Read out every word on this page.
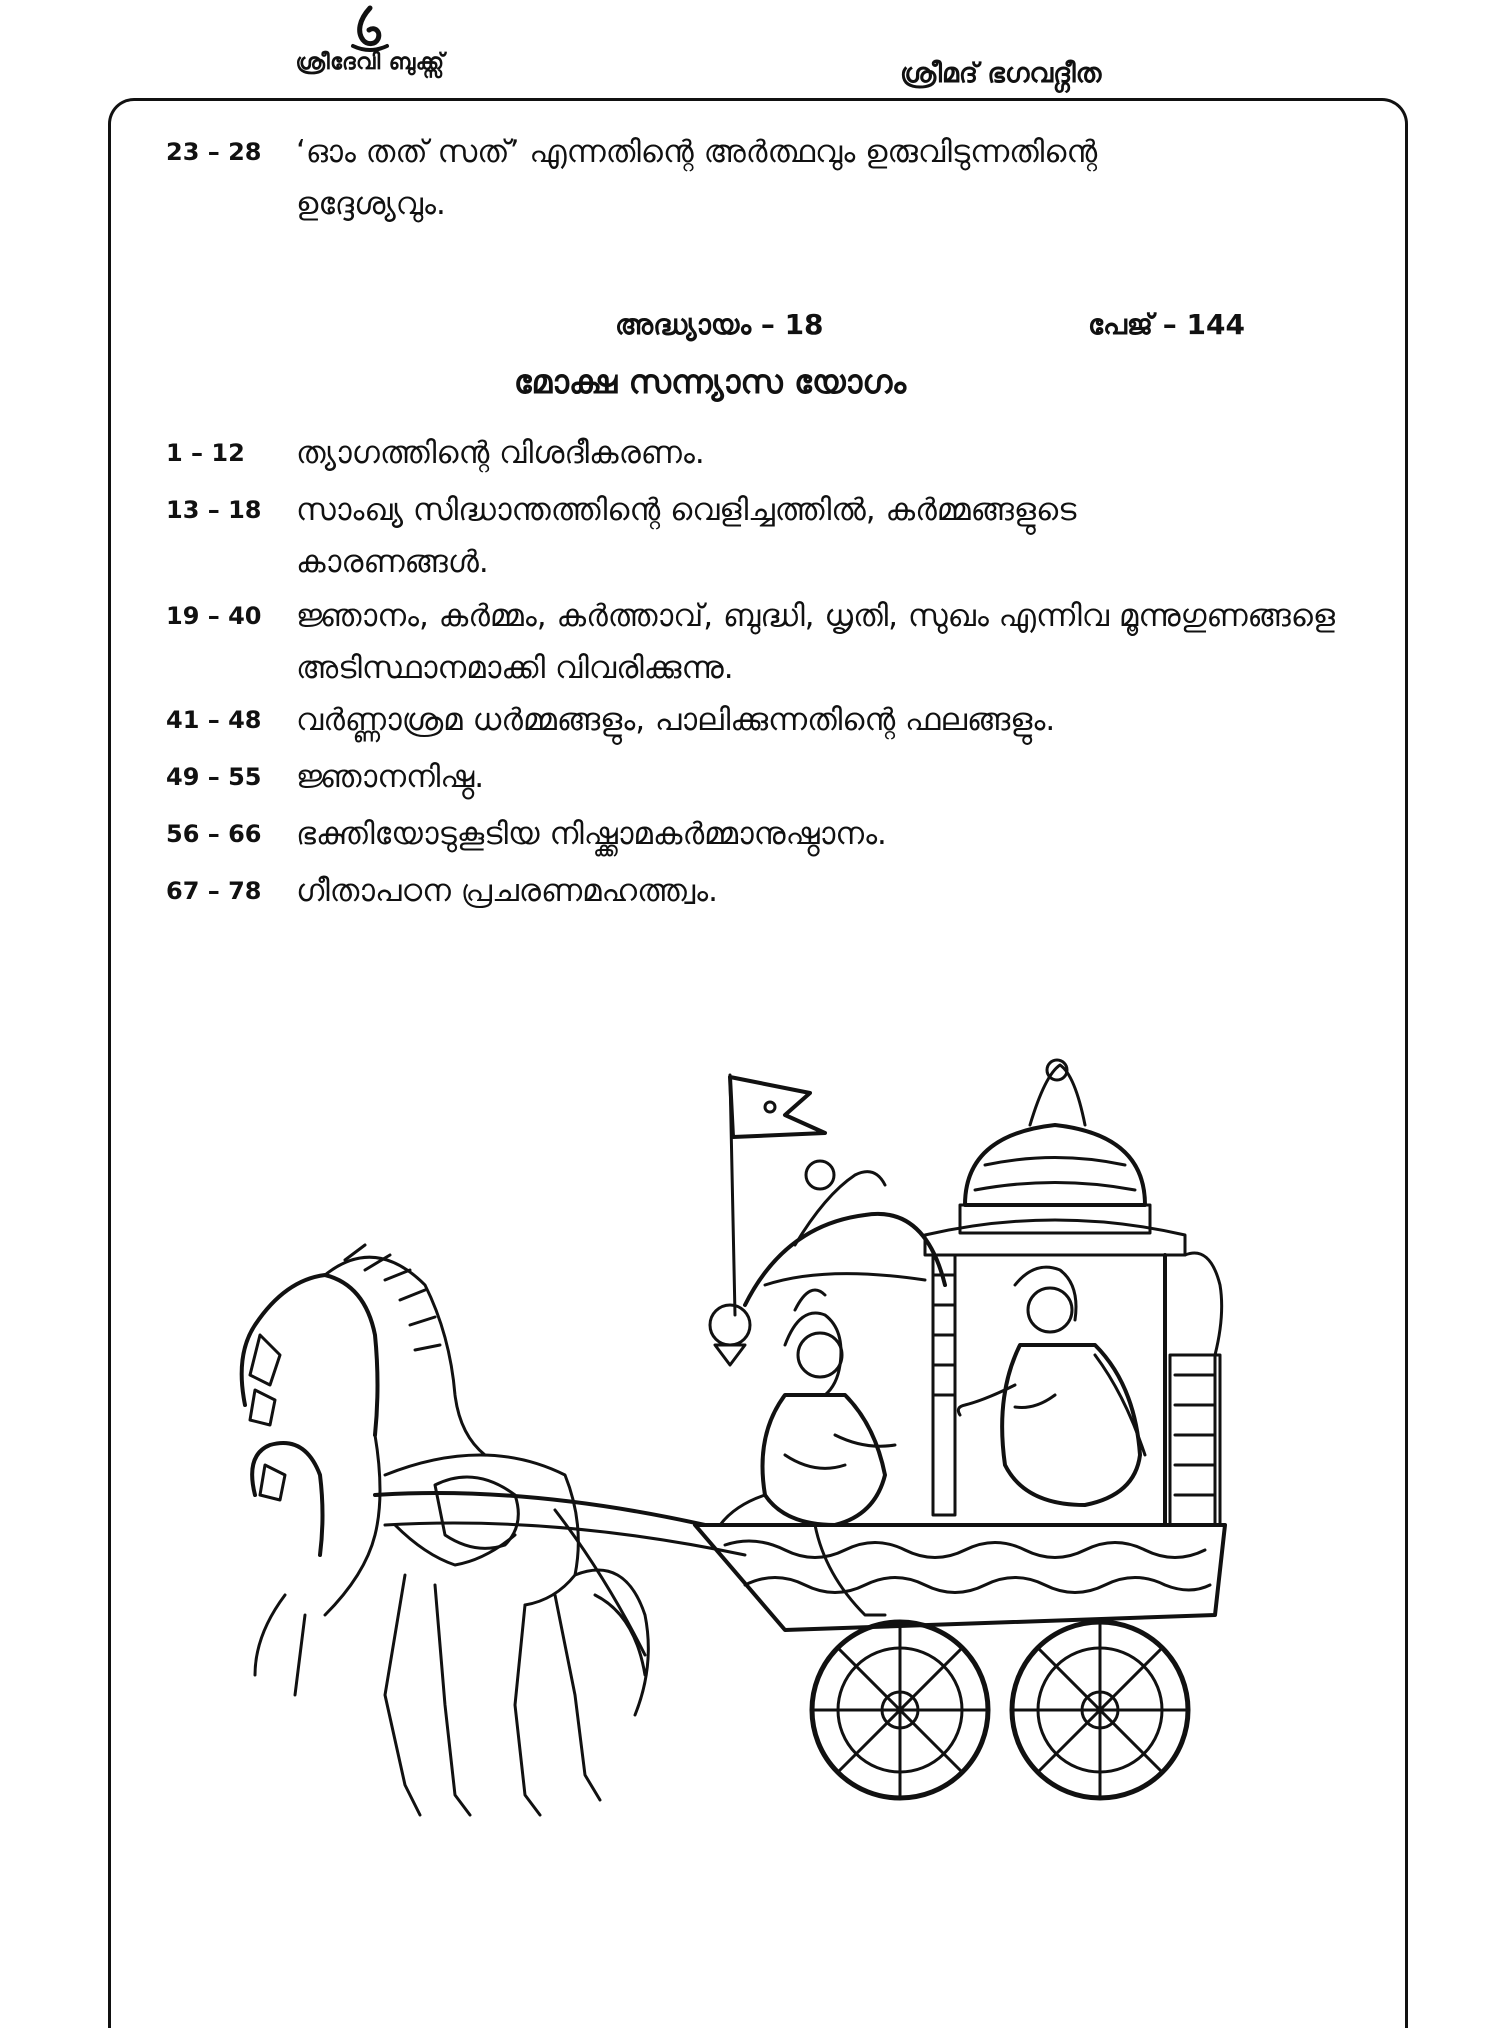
ശ്രീദേവി ബുക്ക്സ്	ശ്രീമദ് ഭഗവദ്ഗീത
23 – 28	‘ഓം തത് സത്’ എന്നതിന്റെ അർത്ഥവും ഉരുവിടുന്നതിന്റെ ഉദ്ദേശ്യവും.
അദ്ധ്യായം – 18	പേജ് – 144
മോക്ഷ സന്ന്യാസ യോഗം
1 – 12	ത്യാഗത്തിന്റെ വിശദീകരണം.
13 – 18	സാംഖ്യ സിദ്ധാന്തത്തിന്റെ വെളിച്ചത്തിൽ, കർമ്മങ്ങളുടെ കാരണങ്ങൾ.
19 – 40	ജ്ഞാനം, കർമ്മം, കർത്താവ്, ബുദ്ധി, ധൃതി, സുഖം എന്നിവ മൂന്നുഗുണങ്ങളെ അടിസ്ഥാനമാക്കി വിവരിക്കുന്നു.
41 – 48	വർണ്ണാശ്രമ ധർമ്മങ്ങളും, പാലിക്കുന്നതിന്റെ ഫലങ്ങളും.
49 – 55	ജ്ഞാനനിഷ്ഠ.
56 – 66	ഭക്തിയോടുകൂടിയ നിഷ്ക്കാമകർമ്മാനുഷ്ഠാനം.
67 – 78	ഗീതാപഠന പ്രചരണമഹത്ത്വം.
